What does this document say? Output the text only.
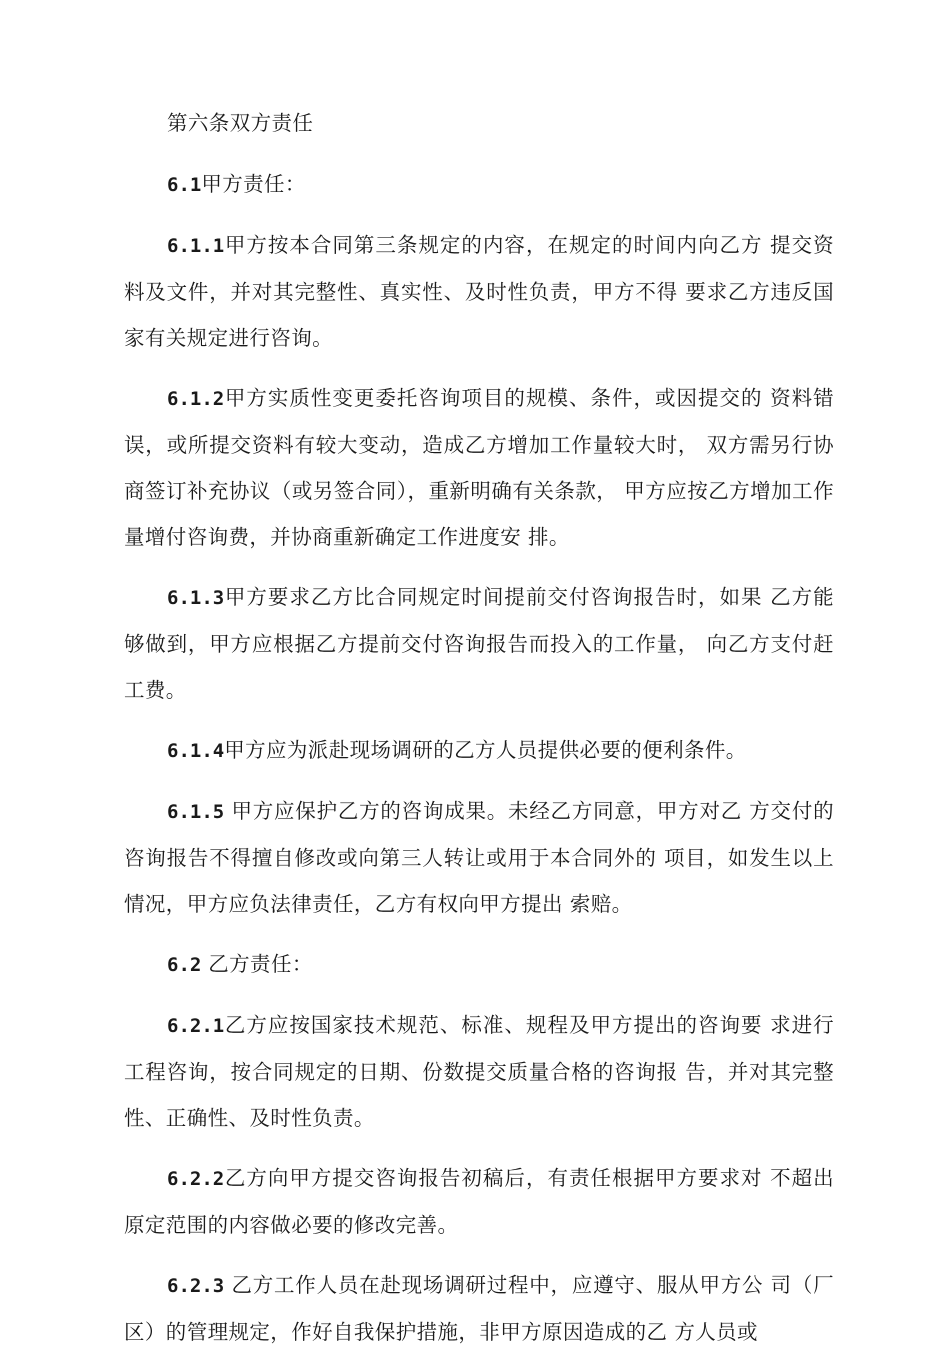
第六条双方责任

6.1甲方责任：

6.1.1甲方按本合同第三条规定的内容，在规定的时间内向乙方 提交资料及文件，并对其完整性、真实性、及时性负责，甲方不得 要求乙方违反国家有关规定进行咨询。

6.1.2甲方实质性变更委托咨询项目的规模、条件，或因提交的 资料错误，或所提交资料有较大变动，造成乙方增加工作量较大时， 双方需另行协商签订补充协议（或另签合同），重新明确有关条款， 甲方应按乙方增加工作量增付咨询费，并协商重新确定工作进度安 排。

6.1.3甲方要求乙方比合同规定时间提前交付咨询报告时，如果 乙方能够做到，甲方应根据乙方提前交付咨询报告而投入的工作量， 向乙方支付赶工费。

6.1.4甲方应为派赴现场调研的乙方人员提供必要的便利条件。

6.1.5 甲方应保护乙方的咨询成果。未经乙方同意，甲方对乙 方交付的咨询报告不得擅自修改或向第三人转让或用于本合同外的 项目，如发生以上情况，甲方应负法律责任，乙方有权向甲方提出 索赔。

6.2 乙方责任：

6.2.1乙方应按国家技术规范、标准、规程及甲方提出的咨询要 求进行工程咨询，按合同规定的日期、份数提交质量合格的咨询报 告，并对其完整性、正确性、及时性负责。

6.2.2乙方向甲方提交咨询报告初稿后，有责任根据甲方要求对 不超出原定范围的内容做必要的修改完善。

6.2.3 乙方工作人员在赴现场调研过程中，应遵守、服从甲方公 司（厂区）的管理规定，作好自我保护措施，非甲方原因造成的乙 方人员或
